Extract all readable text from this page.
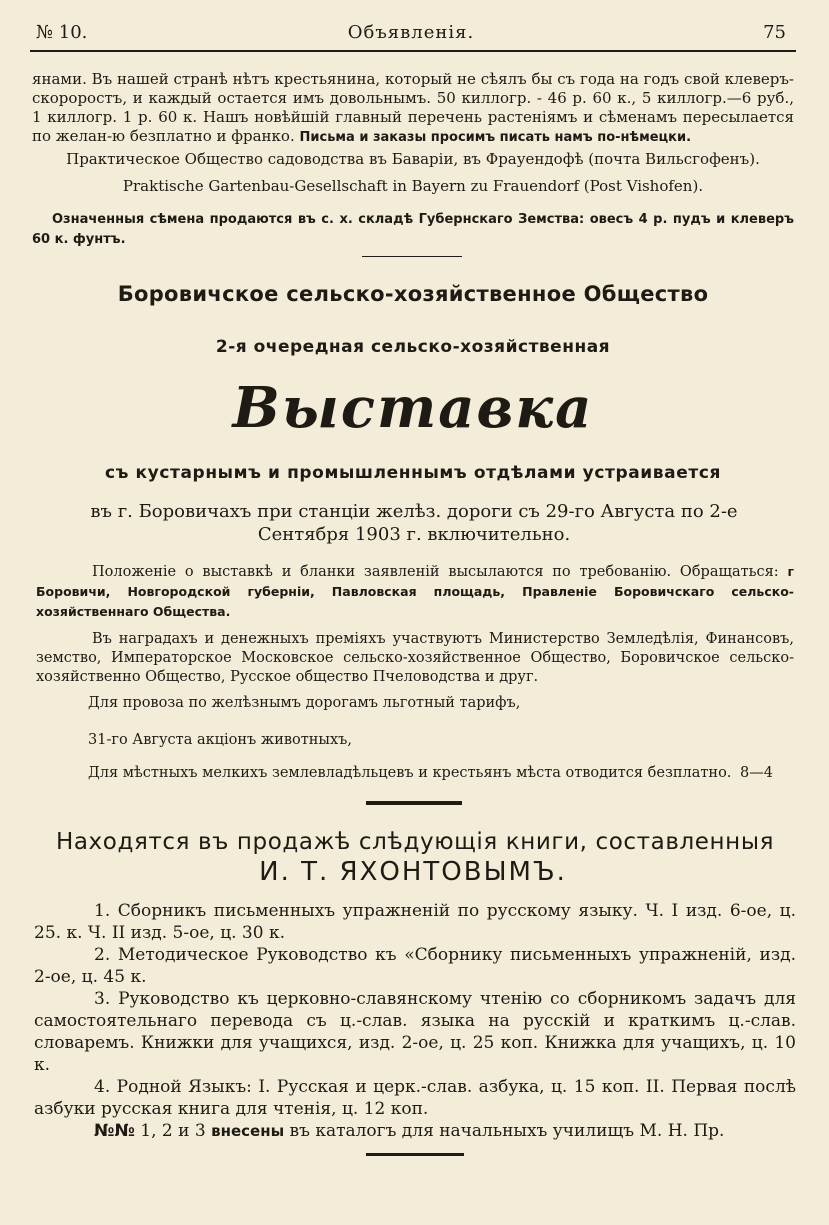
№ 10.	Объявленія.	75

янами. Въ нашей странѣ нѣтъ крестьянина, который не сѣялъ бы съ года на годъ свой клеверъ-скороростъ, и каждый остается имъ довольнымъ. 50 киллогр. - 46 р. 60 к., 5 киллогр.—6 руб., 1 киллогр. 1 р. 60 к. Нашъ новѣйшій главный перечень растеніямъ и сѣменамъ пересылается по желан-ю безплатно и франко. Письма и заказы просимъ писать намъ по-нѣмецки.

Практическое Общество садоводства въ Баваріи, въ Фрауендофѣ (почта Вильсгофенъ).

Praktische Gartenbau-Gesellschaft in Bayern zu Frauendorf (Post Vishofen).

Означенныя сѣмена продаются въ с. х. складѣ Губернскаго Земства: овесъ 4 р. пудъ и клеверъ 60 к. фунтъ.

Боровичское сельско-хозяйственное Общество
2-я очередная сельско-хозяйственная
Выставка
съ кустарнымъ и промышленнымъ отдѣлами устраивается

въ г. Боровичахъ при станціи желѣз. дороги съ 29-го Августа по 2-е Сентября 1903 г. включительно.

Положеніе о выставкѣ и бланки заявленій высылаются по требованію. Обращаться: г Боровичи, Новгородской губерніи, Павловская площадь, Правленіе Боровичскаго сельско-хозяйственнаго Общества.

Въ наградахъ и денежныхъ преміяхъ участвуютъ Министерство Земледѣлія, Финансовъ, земство, Императорское Московское сельско-хозяйственное Общество, Боровичское сельско-хозяйственно Общество, Русское общество Пчеловодства и друг.

Для провоза по желѣзнымъ дорогамъ льготный тарифъ,

31-го Августа акціонъ животныхъ,

Для мѣстныхъ мелкихъ землевладѣльцевъ и крестьянъ мѣста отводится безплатно. 8—4

Находятся въ продажѣ слѣдующія книги, составленныя
И. Т. ЯХОНТОВЫМЪ.

1. Сборникъ письменныхъ упражненій по русскому языку. Ч. I изд. 6-ое, ц. 25. к. Ч. II изд. 5-ое, ц. 30 к.

2. Методическое Руководство къ «Сборнику письменныхъ упражненій, изд. 2-ое, ц. 45 к.

3. Руководство къ церковно-славянскому чтенію со сборникомъ задачъ для самостоятельнаго перевода съ ц.-слав. языка на русскій и краткимъ ц.-слав. словаремъ. Книжки для учащихся, изд. 2-ое, ц. 25 коп. Книжка для учащихъ, ц. 10 к.

4. Родной Языкъ: I. Русская и церк.-слав. азбука, ц. 15 коп. II. Первая послѣ азбуки русская книга для чтенія, ц. 12 коп.

№№ 1, 2 и 3 внесены въ каталогъ для начальныхъ училищъ М. Н. Пр.
